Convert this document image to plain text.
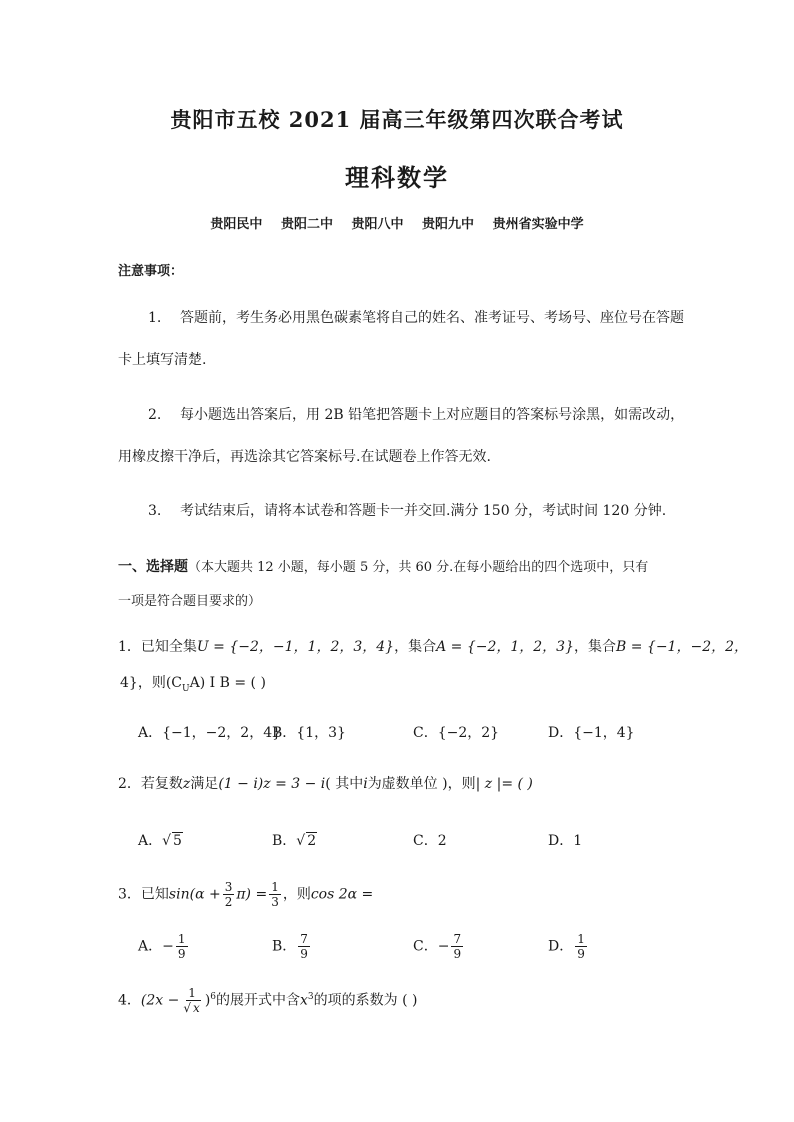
贵阳市五校 2021 届高三年级第四次联合考试
理科数学
贵阳民中 贵阳二中 贵阳八中 贵阳九中 贵州省实验中学
注意事项：
1. 答题前，考生务必用黑色碳素笔将自己的姓名、准考证号、考场号、座位号在答题
卡上填写清楚.
2. 每小题选出答案后，用 2B 铅笔把答题卡上对应题目的答案标号涂黑，如需改动，
用橡皮擦干净后，再选涂其它答案标号.在试题卷上作答无效.
3. 考试结束后，请将本试卷和答题卡一并交回.满分 150 分，考试时间 120 分钟.
一、选择题（本大题共 12 小题，每小题 5 分，共 60 分.在每小题给出的四个选项中，只有
一项是符合题目要求的）
1．已知全集U = {−2，−1，1，2，3，4}，集合A = {−2，1，2，3}，集合B = {−1，−2，2，
4}，则$(C_UA)$ I B = ( )
A．{−1，−2，2，4}
B．{1，3}	C．{−2，2}	D．{−1，4}
2．若复数z满足(1 − i)z = 3 − i( 其中i为虚数单位 )，则| z |= ( )
A．√ 5	B．√ 2	C．2	D．1
3．已知$\sin(\alpha + \frac{3}{2} \pi) = \frac{1}{3}$ ，则cos 2α =
A．− $\frac{1}{9}$	B． $\frac{7}{9}$	C．− $\frac{7}{9}$	D． $\frac{1}{9}$
4．$(2x - \frac{1}{√ x} )^6$的展开式中含$x^3$的项的系数为 ( )
